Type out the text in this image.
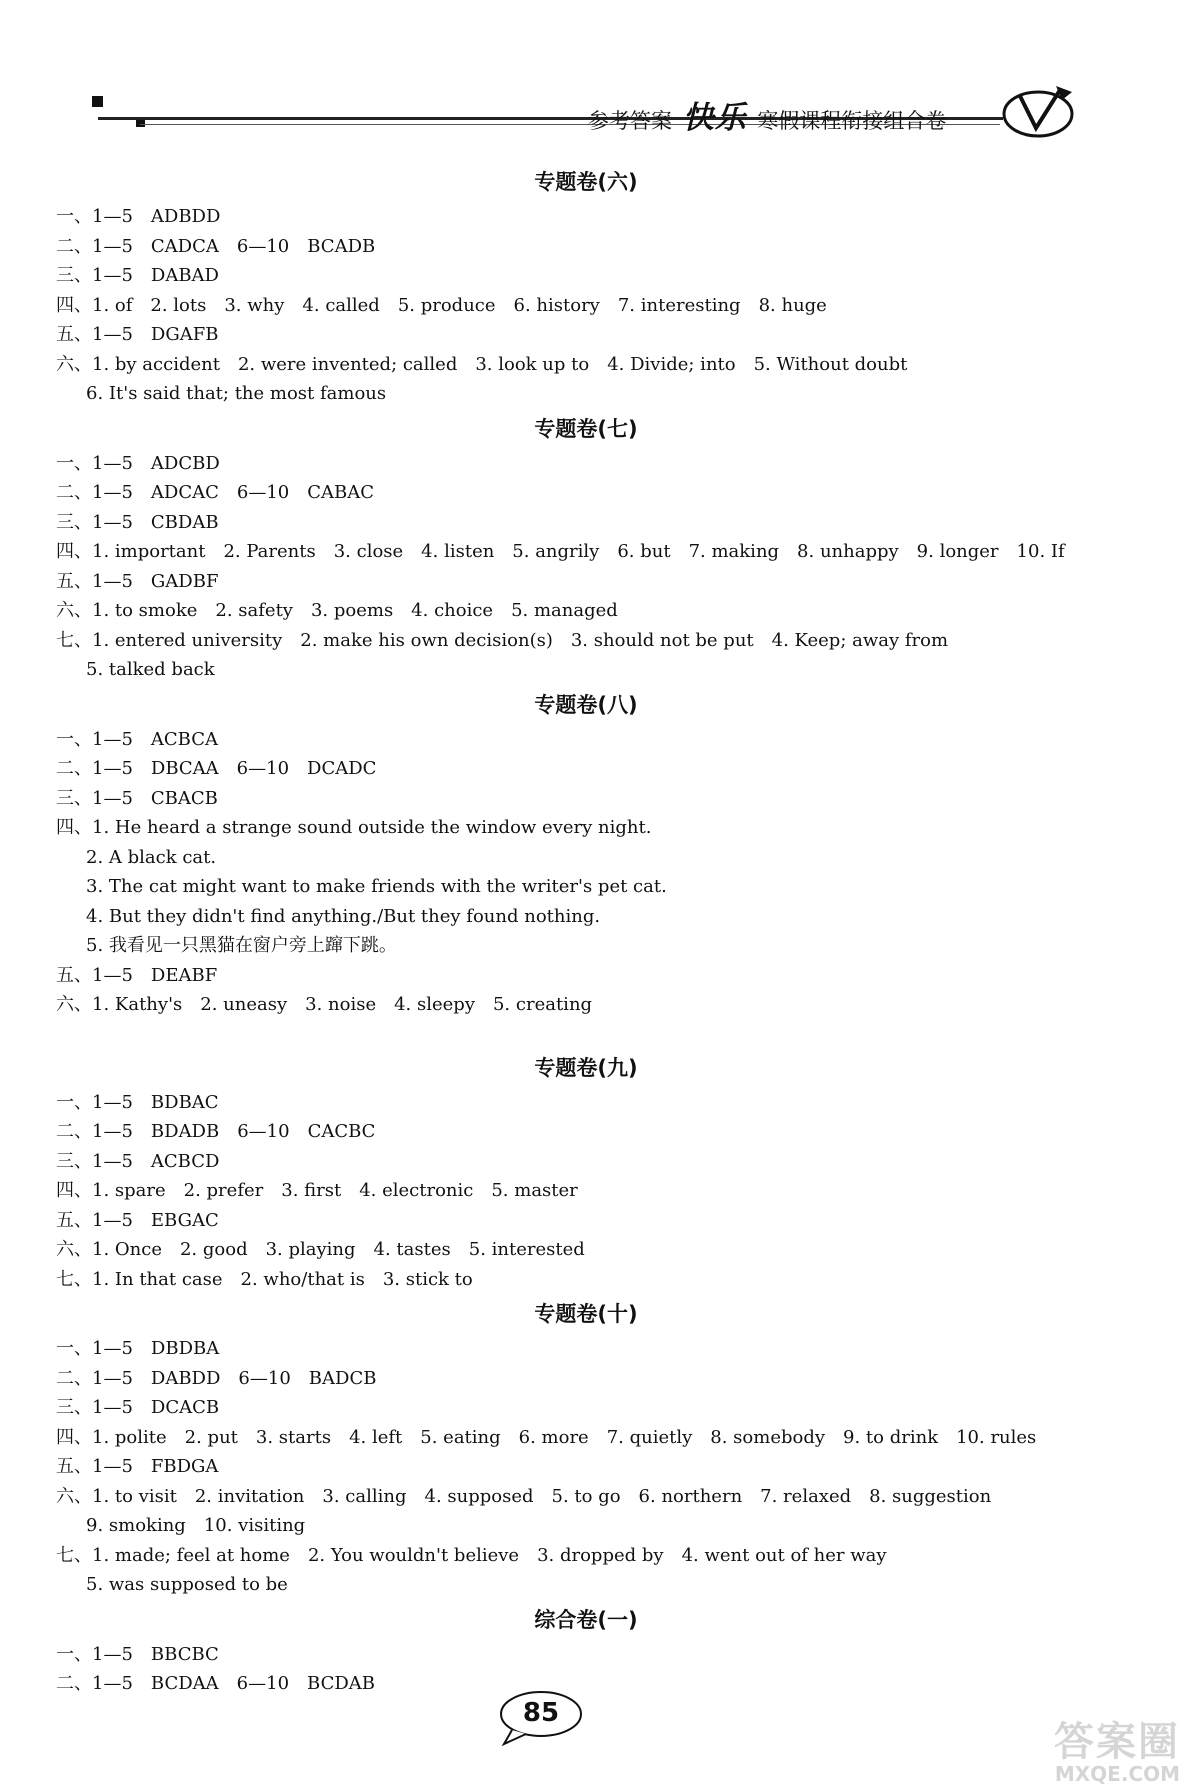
参考答案 快乐 寒假课程衔接组合卷
专题卷(六)
一、1—5　ADBDD
二、1—5　CADCA　6—10　BCADB
三、1—5　DABAD
四、1. of　2. lots　3. why　4. called　5. produce　6. history　7. interesting　8. huge
五、1—5　DGAFB
六、1. by accident　2. were invented; called　3. look up to　4. Divide; into　5. Without doubt
6. It's said that; the most famous
专题卷(七)
一、1—5　ADCBD
二、1—5　ADCAC　6—10　CABAC
三、1—5　CBDAB
四、1. important　2. Parents　3. close　4. listen　5. angrily　6. but　7. making　8. unhappy　9. longer　10. If
五、1—5　GADBF
六、1. to smoke　2. safety　3. poems　4. choice　5. managed
七、1. entered university　2. make his own decision(s)　3. should not be put　4. Keep; away from
5. talked back
专题卷(八)
一、1—5　ACBCA
二、1—5　DBCAA　6—10　DCADC
三、1—5　CBACB
四、1. He heard a strange sound outside the window every night.
2. A black cat.
3. The cat might want to make friends with the writer's pet cat.
4. But they didn't find anything./But they found nothing.
5. 我看见一只黑猫在窗户旁上蹿下跳。
五、1—5　DEABF
六、1. Kathy's　2. uneasy　3. noise　4. sleepy　5. creating
专题卷(九)
一、1—5　BDBAC
二、1—5　BDADB　6—10　CACBC
三、1—5　ACBCD
四、1. spare　2. prefer　3. first　4. electronic　5. master
五、1—5　EBGAC
六、1. Once　2. good　3. playing　4. tastes　5. interested
七、1. In that case　2. who/that is　3. stick to
专题卷(十)
一、1—5　DBDBA
二、1—5　DABDD　6—10　BADCB
三、1—5　DCACB
四、1. polite　2. put　3. starts　4. left　5. eating　6. more　7. quietly　8. somebody　9. to drink　10. rules
五、1—5　FBDGA
六、1. to visit　2. invitation　3. calling　4. supposed　5. to go　6. northern　7. relaxed　8. suggestion
9. smoking　10. visiting
七、1. made; feel at home　2. You wouldn't believe　3. dropped by　4. went out of her way
5. was supposed to be
综合卷(一)
一、1—5　BBCBC
二、1—5　BCDAA　6—10　BCDAB
85
答案圈
MXQE.COM
